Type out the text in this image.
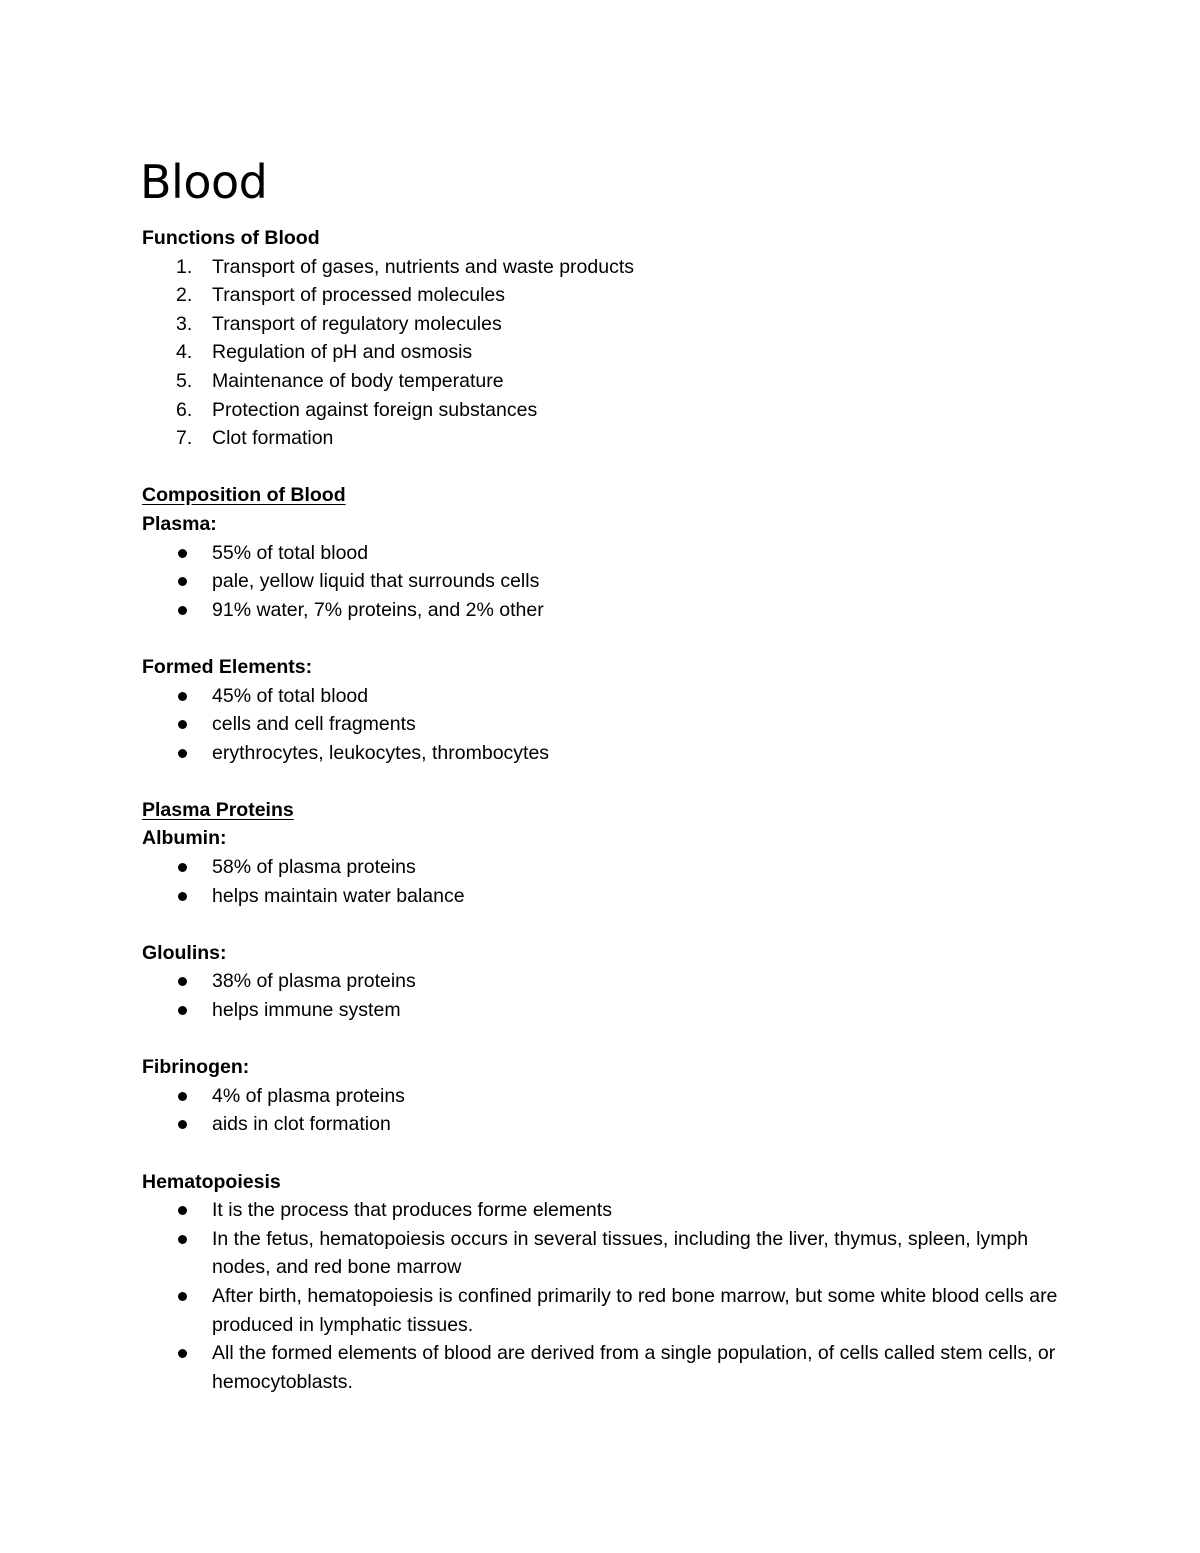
Blood
Functions of Blood
1. Transport of gases, nutrients and waste products
2. Transport of processed molecules
3. Transport of regulatory molecules
4. Regulation of pH and osmosis
5. Maintenance of body temperature
6. Protection against foreign substances
7. Clot formation
Composition of Blood
Plasma:
55% of total blood
pale, yellow liquid that surrounds cells
91% water, 7% proteins, and 2% other
Formed Elements:
45% of total blood
cells and cell fragments
erythrocytes, leukocytes, thrombocytes
Plasma Proteins
Albumin:
58% of plasma proteins
helps maintain water balance
Gloulins:
38% of plasma proteins
helps immune system
Fibrinogen:
4% of plasma proteins
aids in clot formation
Hematopoiesis
It is the process that produces forme elements
In the fetus, hematopoiesis occurs in several tissues, including the liver, thymus, spleen, lymph nodes, and red bone marrow
After birth, hematopoiesis is confined primarily to red bone marrow, but some white blood cells are produced in lymphatic tissues.
All the formed elements of blood are derived from a single population, of cells called stem cells, or hemocytoblasts.
